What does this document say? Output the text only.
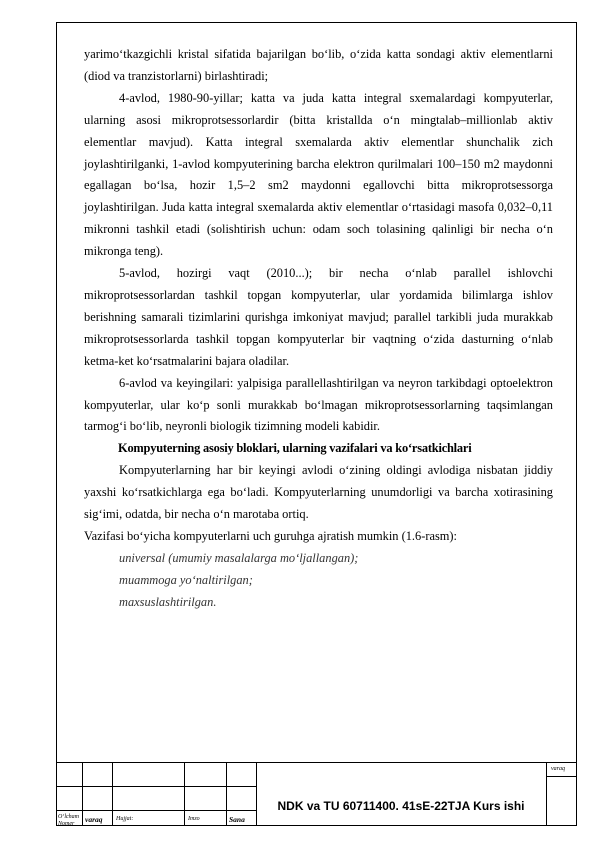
yarimo‘tkazgichli kristal sifatida bajarilgan bo‘lib, o‘zida katta sondagi aktiv elementlarni (diod va tranzistorlarni) birlashtiradi;

4-avlod, 1980-90-yillar; katta va juda katta integral sxemalardagi kompyuterlar, ularning asosi mikroprotsessorlardir (bitta kristallda o‘n mingtalab–millionlab aktiv elementlar mavjud). Katta integral sxemalarda aktiv elementlar shunchalik zich joylashtirilganki, 1-avlod kompyuterining barcha elektron qurilmalari 100–150 m2 maydonni egallagan bo‘lsa, hozir 1,5–2 sm2 maydonni egallovchi bitta mikroprotsessorga joylashtirilgan. Juda katta integral sxemalarda aktiv elementlar o‘rtasidagi masofa 0,032–0,11 mikronni tashkil etadi (solishtirish uchun: odam soch tolasining qalinligi bir necha o‘n mikronga teng).

5-avlod, hozirgi vaqt (2010...); bir necha o‘nlab parallel ishlovchi mikroprotsessorlardan tashkil topgan kompyuterlar, ular yordamida bilimlarga ishlov berishning samarali tizimlarini qurishga imkoniyat mavjud; parallel tarkibli juda murakkab mikroprotsessorlarda tashkil topgan kompyuterlar bir vaqtning o‘zida dasturning o‘nlab ketma-ket ko‘rsatmalarini bajara oladilar.

6-avlod va keyingilari: yalpisiga parallellashtirilgan va neyron tarkibdagi optoelektron kompyuterlar, ular ko‘p sonli murakkab bo‘lmagan mikroprotsessorlarning taqsimlangan tarmog‘i bo‘lib, neyronli biologik tizimning modeli kabidir.

Kompyuterning asosiy bloklari, ularning vazifalari va ko‘rsatkichlari

Kompyuterlarning har bir keyingi avlodi o‘zining oldingi avlodiga nisbatan jiddiy yaxshi ko‘rsatkichlarga ega bo‘ladi. Kompyuterlarning unumdorligi va barcha xotirasining sig‘imi, odatda, bir necha o‘n marotaba ortiq.

Vazifasi bo‘yicha kompyuterlarni uch guruhga ajratish mumkin (1.6-rasm):

universal (umumiy masalalarga mo‘ljallangan);

muammoga yo‘naltirilgan;

maxsuslashtirilgan.

O‘lcham
Nomer varaq Hujjat:	Imzo	Sana
varaq
NDK va TU 60711400. 41sE-22TJA Kurs ishi
